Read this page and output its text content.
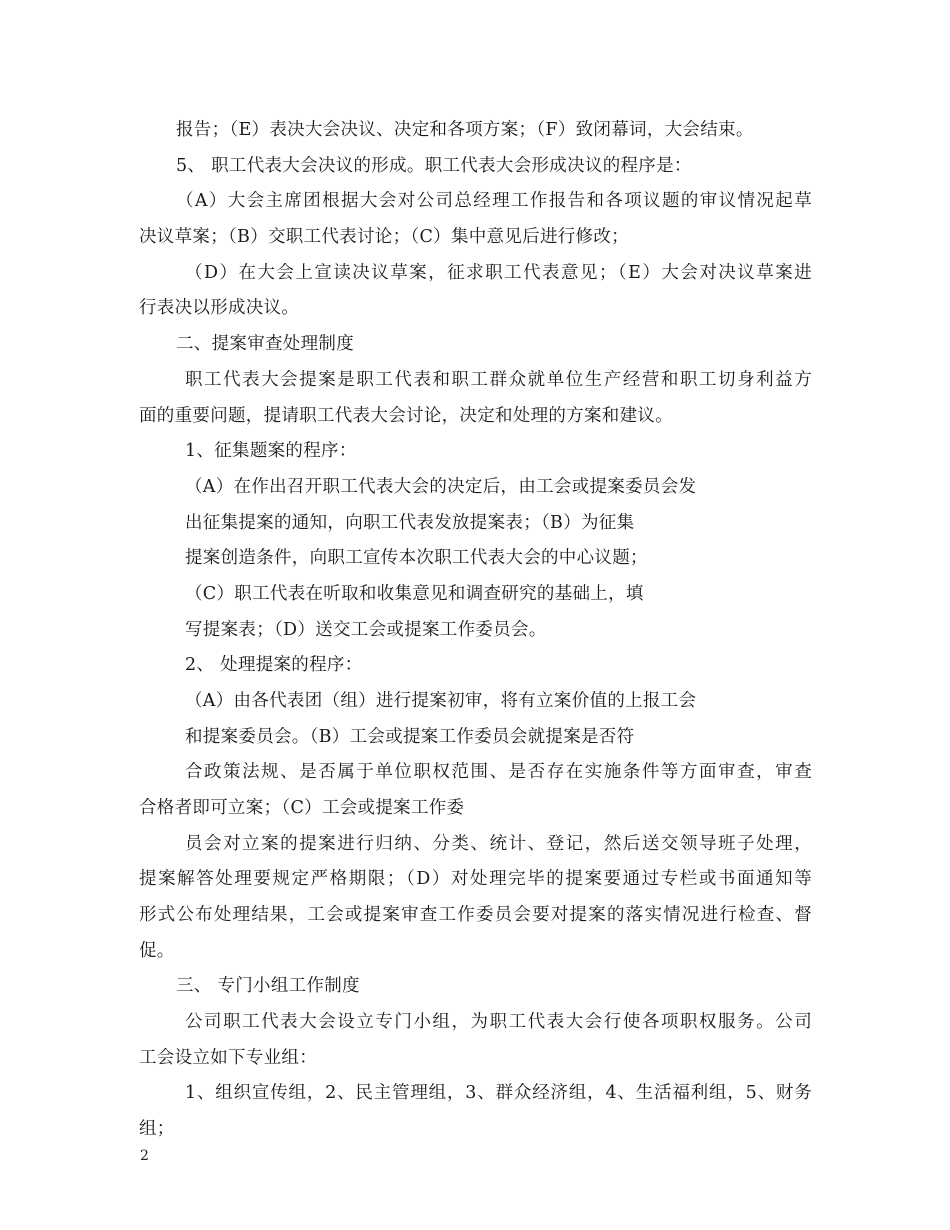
报告；（E）表决大会决议、决定和各项方案；（F）致闭幕词，大会结束。
5、 职工代表大会决议的形成。职工代表大会形成决议的程序是：
（A）大会主席团根据大会对公司总经理工作报告和各项议题的审议情况起草
决议草案；（B）交职工代表讨论；（C）集中意见后进行修改；
（D）在大会上宣读决议草案，征求职工代表意见；（E）大会对决议草案进
行表决以形成决议。
二、提案审查处理制度
职工代表大会提案是职工代表和职工群众就单位生产经营和职工切身利益方
面的重要问题，提请职工代表大会讨论，决定和处理的方案和建议。
1、征集题案的程序：
（A）在作出召开职工代表大会的决定后，由工会或提案委员会发
出征集提案的通知，向职工代表发放提案表；（B）为征集
提案创造条件，向职工宣传本次职工代表大会的中心议题；
（C）职工代表在听取和收集意见和调查研究的基础上，填
写提案表；（D）送交工会或提案工作委员会。
2、 处理提案的程序：
（A）由各代表团（组）进行提案初审，将有立案价值的上报工会
和提案委员会。（B）工会或提案工作委员会就提案是否符
合政策法规、是否属于单位职权范围、是否存在实施条件等方面审查，审查
合格者即可立案；（C）工会或提案工作委
员会对立案的提案进行归纳、分类、统计、登记，然后送交领导班子处理，
提案解答处理要规定严格期限；（D）对处理完毕的提案要通过专栏或书面通知等
形式公布处理结果，工会或提案审查工作委员会要对提案的落实情况进行检查、督
促。
三、 专门小组工作制度
公司职工代表大会设立专门小组，为职工代表大会行使各项职权服务。公司
工会设立如下专业组：
1、组织宣传组，2、民主管理组，3、群众经济组，4、生活福利组，5、财务
组；
2
